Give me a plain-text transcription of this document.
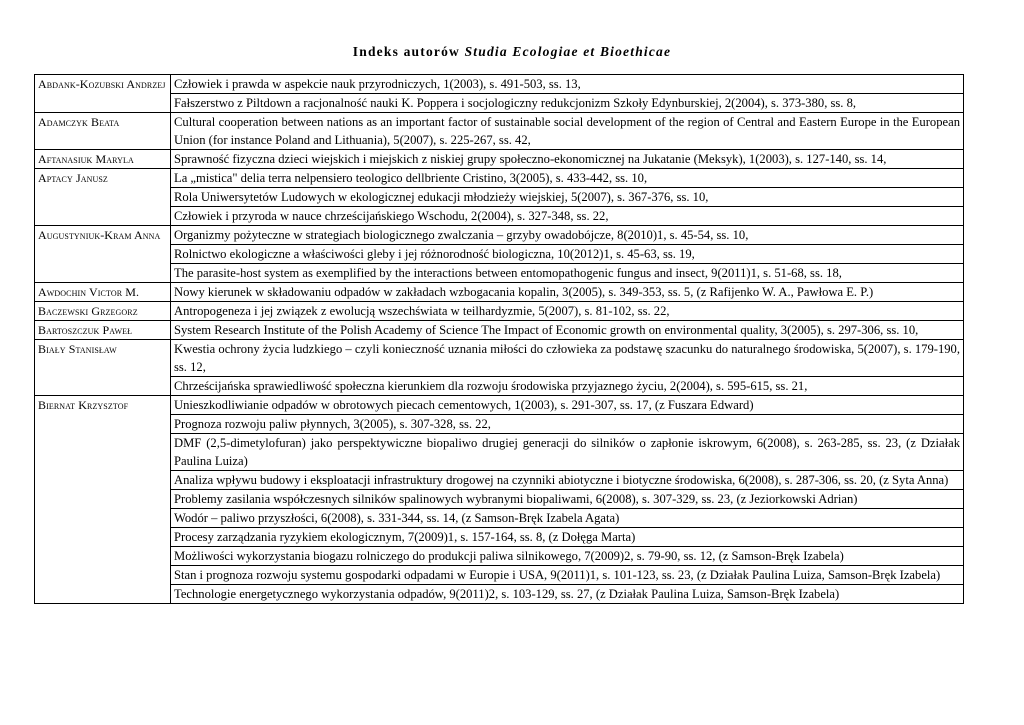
Indeks autorów Studia Ecologiae et Bioethicae
Abdank-Kozubski Andrzej	Człowiek i prawda w aspekcie nauk przyrodniczych, 1(2003), s. 491-503, ss. 13,
	Fałszerstwo z Piltdown a racjonalność nauki K. Poppera i socjologiczny redukcjonizm Szkoły Edynburskiej, 2(2004), s. 373-380, ss. 8,
Adamczyk Beata	Cultural cooperation between nations as an important factor of sustainable social development of the region of Central and Eastern Europe in the European Union (for instance Poland and Lithuania), 5(2007), s. 225-267, ss. 42,
Aftanasiuk Maryla	Sprawność fizyczna dzieci wiejskich i miejskich z niskiej grupy społeczno-ekonomicznej na Jukatanie (Meksyk), 1(2003), s. 127-140, ss. 14,
Aptacy Janusz	La „mistica" delia terra nelpensiero teologico dellbriente Cristino, 3(2005), s. 433-442, ss. 10,
	Rola Uniwersytetów Ludowych w ekologicznej edukacji młodzieży wiejskiej, 5(2007), s. 367-376, ss. 10,
	Człowiek i przyroda w nauce chrześcijańskiego Wschodu, 2(2004), s. 327-348, ss. 22,
Augustyniuk-Kram Anna	Organizmy pożyteczne w strategiach biologicznego zwalczania – grzyby owadobójcze, 8(2010)1, s. 45-54, ss. 10,
	Rolnictwo ekologiczne a właściwości gleby i jej różnorodność biologiczna, 10(2012)1, s. 45-63, ss. 19,
	The parasite-host system as exemplified by the interactions between entomopathogenic fungus and insect, 9(2011)1, s. 51-68, ss. 18,
Awdochin Victor M.	Nowy kierunek w składowaniu odpadów w zakładach wzbogacania kopalin, 3(2005), s. 349-353, ss. 5, (z Rafijenko W. A., Pawłowa E. P.)
Baczewski Grzegorz	Antropogeneza i jej związek z ewolucją wszechświata w teilhardyzmie, 5(2007), s. 81-102, ss. 22,
Bartoszczuk Paweł	System Research Institute of the Polish Academy of Science The Impact of Economic growth on environmental quality, 3(2005), s. 297-306, ss. 10,
Biały Stanisław	Kwestia ochrony życia ludzkiego – czyli konieczność uznania miłości do człowieka za podstawę szacunku do naturalnego środowiska, 5(2007), s. 179-190, ss. 12,
	Chrześcijańska sprawiedliwość społeczna kierunkiem dla rozwoju środowiska przyjaznego życiu, 2(2004), s. 595-615, ss. 21,
Biernat Krzysztof	Unieszkodliwianie odpadów w obrotowych piecach cementowych, 1(2003), s. 291-307, ss. 17, (z Fuszara Edward)
	Prognoza rozwoju paliw płynnych, 3(2005), s. 307-328, ss. 22,
	DMF (2,5-dimetylofuran) jako perspektywiczne biopaliwo drugiej generacji do silników o zapłonie iskrowym, 6(2008), s. 263-285, ss. 23, (z Działak Paulina Luiza)
	Analiza wpływu budowy i eksploatacji infrastruktury drogowej na czynniki abiotyczne i biotyczne środowiska, 6(2008), s. 287-306, ss. 20, (z Syta Anna)
	Problemy zasilania współczesnych silników spalinowych wybranymi biopaliwami, 6(2008), s. 307-329, ss. 23, (z Jeziorkowski Adrian)
	Wodór – paliwo przyszłości, 6(2008), s. 331-344, ss. 14, (z Samson-Bręk Izabela Agata)
	Procesy zarządzania ryzykiem ekologicznym, 7(2009)1, s. 157-164, ss. 8, (z Dołęga Marta)
	Możliwości wykorzystania biogazu rolniczego do produkcji paliwa silnikowego, 7(2009)2, s. 79-90, ss. 12, (z Samson-Bręk Izabela)
	Stan i prognoza rozwoju systemu gospodarki odpadami w Europie i USA, 9(2011)1, s. 101-123, ss. 23, (z Działak Paulina Luiza, Samson-Bręk Izabela)
	Technologie energetycznego wykorzystania odpadów, 9(2011)2, s. 103-129, ss. 27, (z Działak Paulina Luiza, Samson-Bręk Izabela)
